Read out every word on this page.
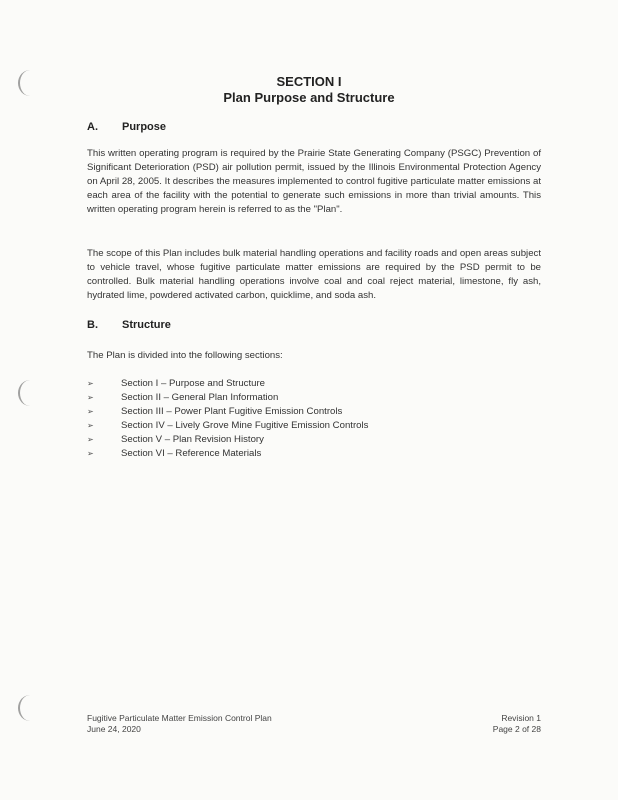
SECTION I
Plan Purpose and Structure
A. Purpose

This written operating program is required by the Prairie State Generating Company (PSGC) Prevention of Significant Deterioration (PSD) air pollution permit, issued by the Illinois Environmental Protection Agency on April 28, 2005. It describes the measures implemented to control fugitive particulate matter emissions at each area of the facility with the potential to generate such emissions in more than trivial amounts. This written operating program herein is referred to as the "Plan".

The scope of this Plan includes bulk material handling operations and facility roads and open areas subject to vehicle travel, whose fugitive particulate matter emissions are required by the PSD permit to be controlled. Bulk material handling operations involve coal and coal reject material, limestone, fly ash, hydrated lime, powdered activated carbon, quicklime, and soda ash.

B. Structure

The Plan is divided into the following sections:

➢	Section I – Purpose and Structure
➢	Section II – General Plan Information
➢	Section III – Power Plant Fugitive Emission Controls
➢	Section IV – Lively Grove Mine Fugitive Emission Controls
➢	Section V – Plan Revision History
➢	Section VI – Reference Materials
Fugitive Particulate Matter Emission Control Plan
June 24, 2020
Revision 1
Page 2 of 28
